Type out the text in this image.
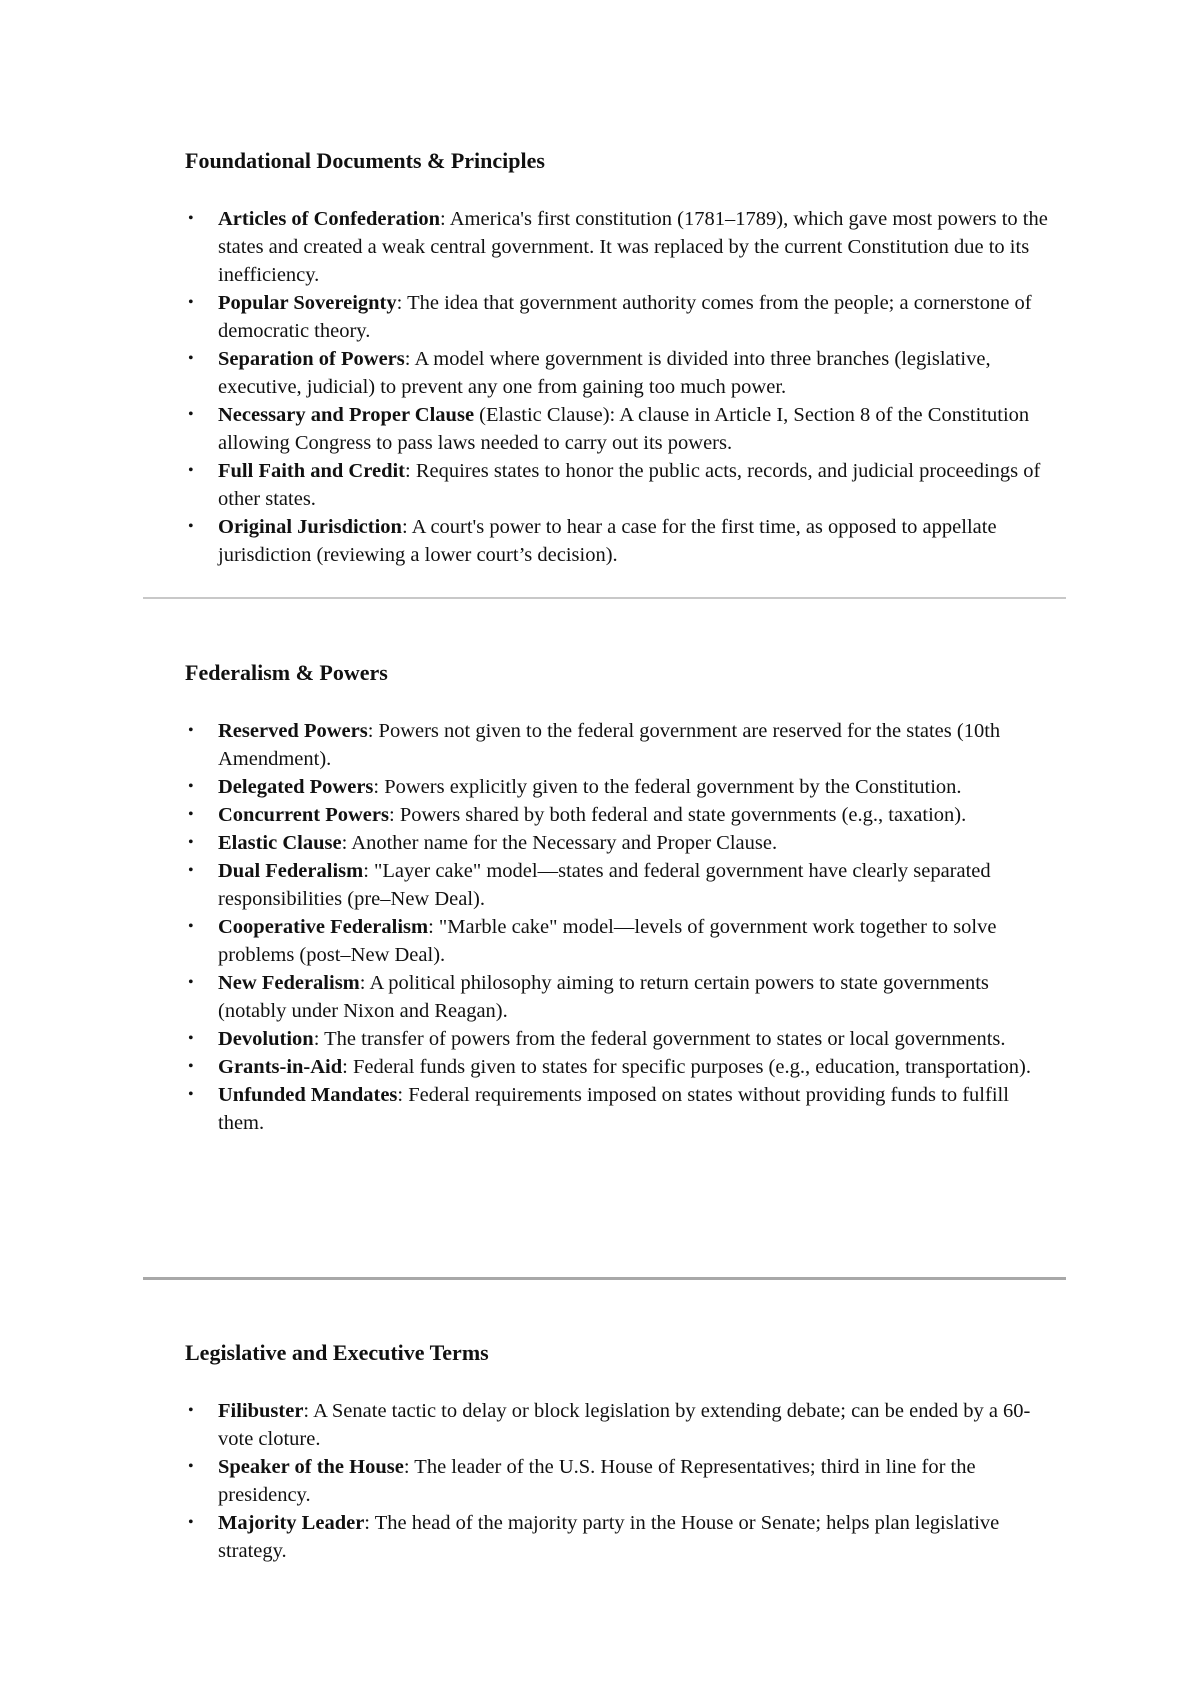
Foundational Documents & Principles
• Articles of Confederation: America's first constitution (1781–1789), which gave most powers to the states and created a weak central government. It was replaced by the current Constitution due to its inefficiency.
• Popular Sovereignty: The idea that government authority comes from the people; a cornerstone of democratic theory.
• Separation of Powers: A model where government is divided into three branches (legislative, executive, judicial) to prevent any one from gaining too much power.
• Necessary and Proper Clause (Elastic Clause): A clause in Article I, Section 8 of the Constitution allowing Congress to pass laws needed to carry out its powers.
• Full Faith and Credit: Requires states to honor the public acts, records, and judicial proceedings of other states.
• Original Jurisdiction: A court's power to hear a case for the first time, as opposed to appellate jurisdiction (reviewing a lower court’s decision).
Federalism & Powers
• Reserved Powers: Powers not given to the federal government are reserved for the states (10th Amendment).
• Delegated Powers: Powers explicitly given to the federal government by the Constitution.
• Concurrent Powers: Powers shared by both federal and state governments (e.g., taxation).
• Elastic Clause: Another name for the Necessary and Proper Clause.
• Dual Federalism: "Layer cake" model—states and federal government have clearly separated responsibilities (pre–New Deal).
• Cooperative Federalism: "Marble cake" model—levels of government work together to solve problems (post–New Deal).
• New Federalism: A political philosophy aiming to return certain powers to state governments (notably under Nixon and Reagan).
• Devolution: The transfer of powers from the federal government to states or local governments.
• Grants-in-Aid: Federal funds given to states for specific purposes (e.g., education, transportation).
• Unfunded Mandates: Federal requirements imposed on states without providing funds to fulfill them.
Legislative and Executive Terms
• Filibuster: A Senate tactic to delay or block legislation by extending debate; can be ended by a 60-vote cloture.
• Speaker of the House: The leader of the U.S. House of Representatives; third in line for the presidency.
• Majority Leader: The head of the majority party in the House or Senate; helps plan legislative strategy.
